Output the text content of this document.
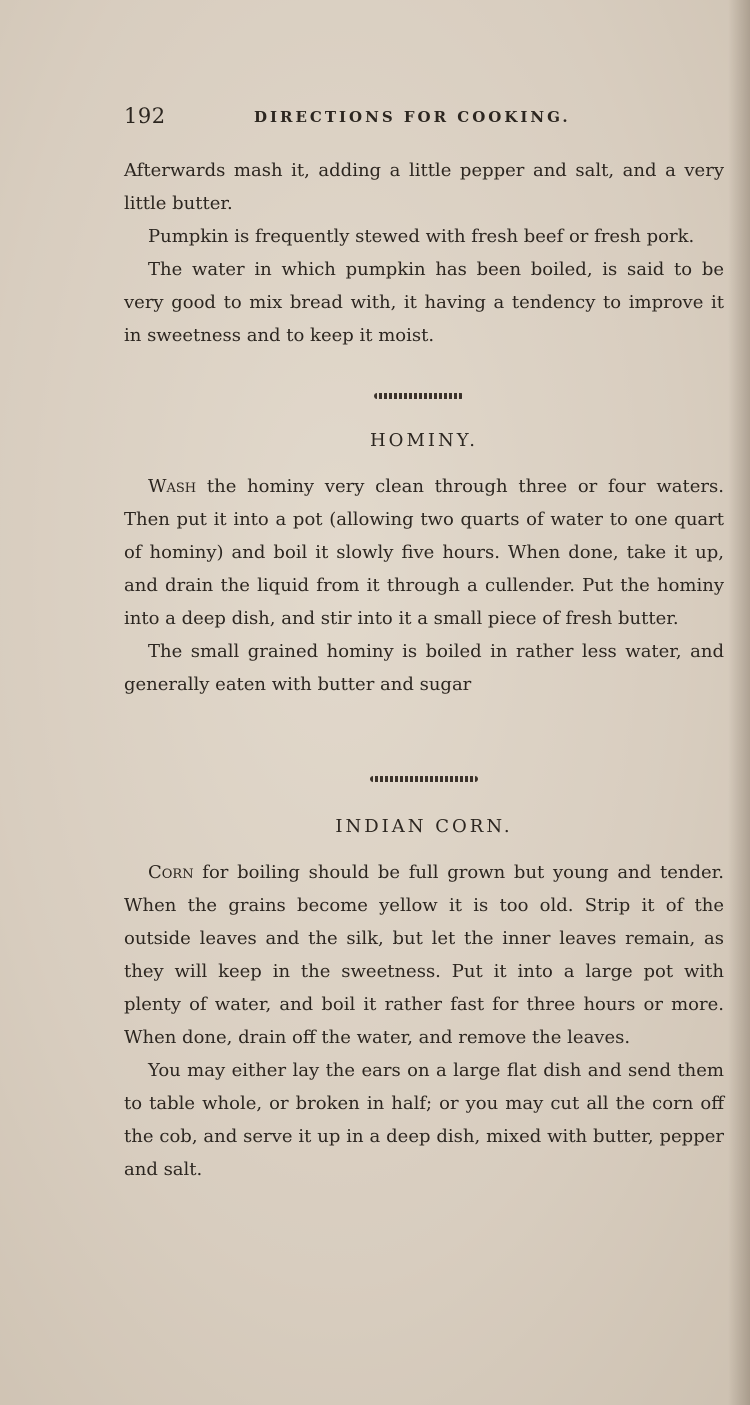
192	DIRECTIONS FOR COOKING.

Afterwards mash it, adding a little pepper and salt, and a very little butter.

Pumpkin is frequently stewed with fresh beef or fresh pork.

The water in which pumpkin has been boiled, is said to be very good to mix bread with, it having a tendency to improve it in sweetness and to keep it moist.

HOMINY.

Wash the hominy very clean through three or four waters. Then put it into a pot (allowing two quarts of water to one quart of hominy) and boil it slowly five hours. When done, take it up, and drain the liquid from it through a cullender. Put the hominy into a deep dish, and stir into it a small piece of fresh butter.

The small grained hominy is boiled in rather less water, and generally eaten with butter and sugar

INDIAN CORN.

Corn for boiling should be full grown but young and tender. When the grains become yellow it is too old. Strip it of the outside leaves and the silk, but let the inner leaves remain, as they will keep in the sweetness. Put it into a large pot with plenty of water, and boil it rather fast for three hours or more. When done, drain off the water, and remove the leaves.

You may either lay the ears on a large flat dish and send them to table whole, or broken in half; or you may cut all the corn off the cob, and serve it up in a deep dish, mixed with butter, pepper and salt.
